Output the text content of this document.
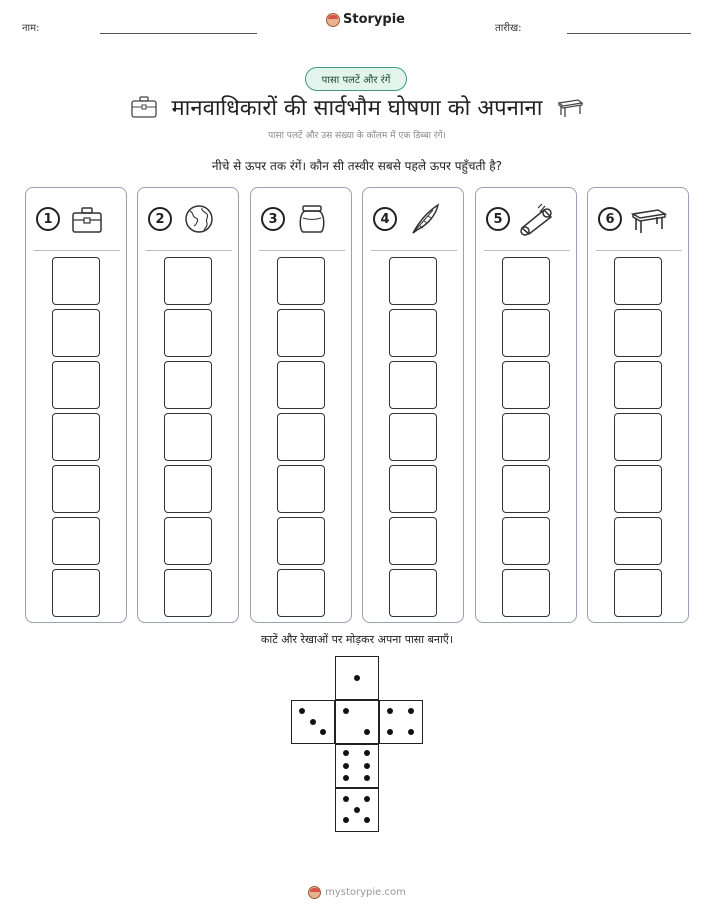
नाम:
Storypie
तारीख:
पासा पलटें और रंगें
मानवाधिकारों की सार्वभौम घोषणा को अपनाना
पासा पलटें और उस संख्या के कॉलम में एक डिब्बा रंगें।
नीचे से ऊपर तक रंगें। कौन सी तस्वीर सबसे पहले ऊपर पहुँचती है?
1	2	3	4	5	6
काटें और रेखाओं पर मोड़कर अपना पासा बनाएँ।
mystorypie.com
